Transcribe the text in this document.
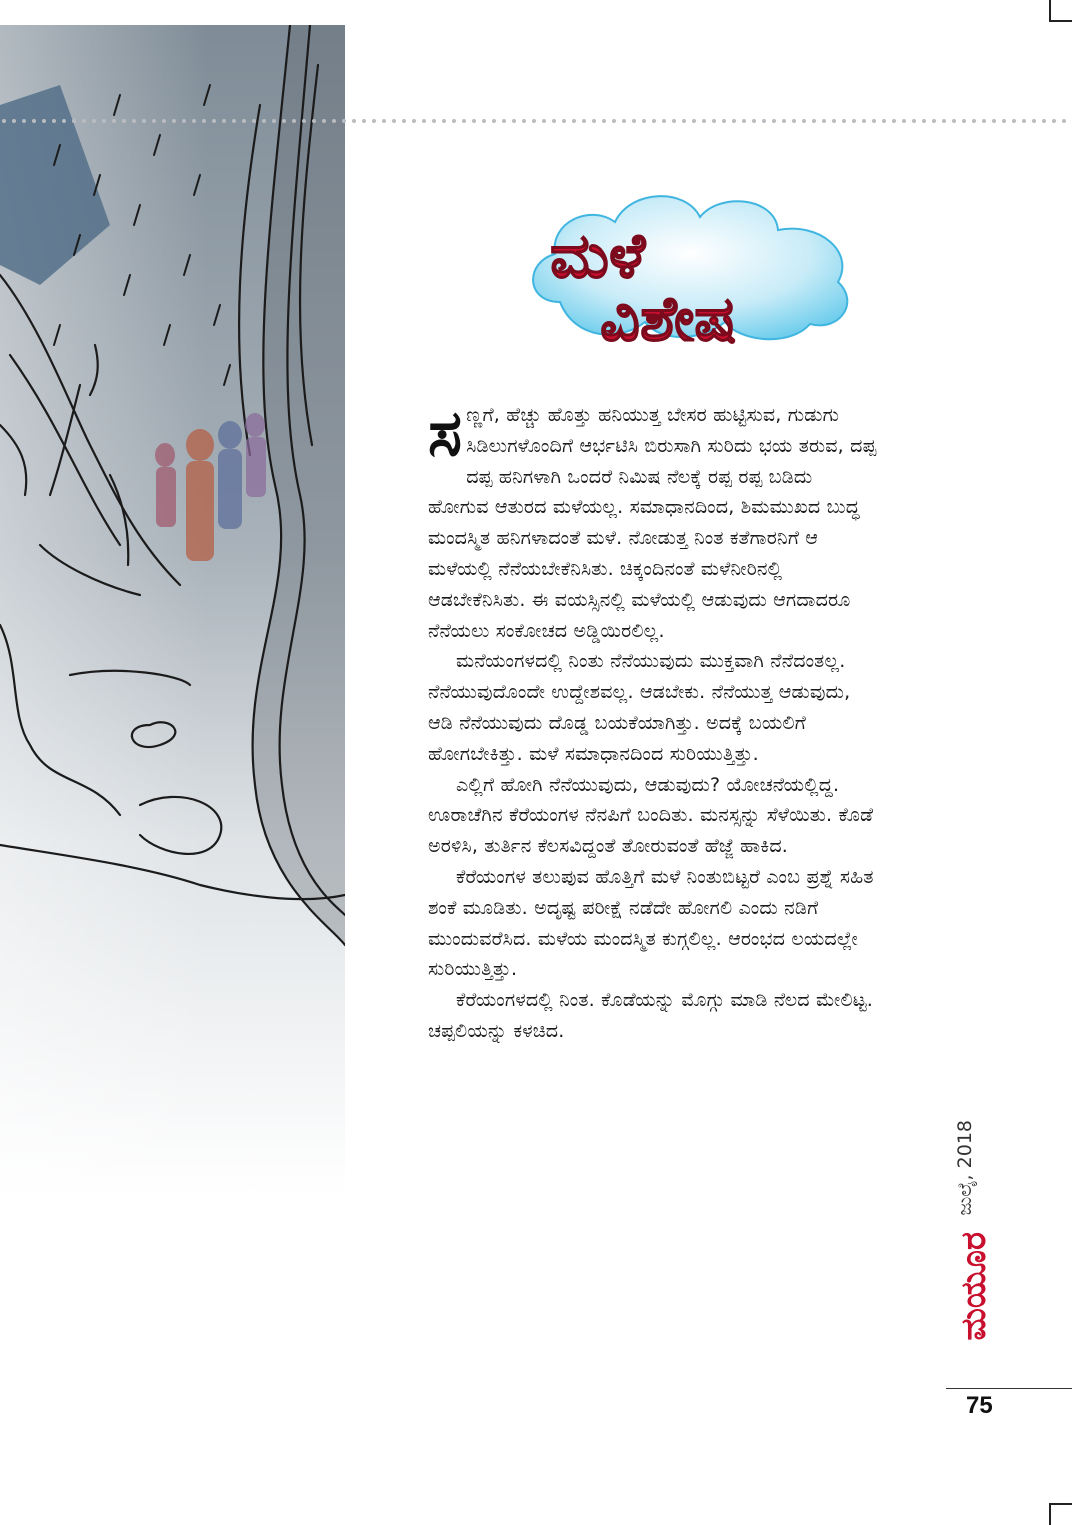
ಮಳೆ
ವಿಶೇಷ

ಸಣ್ಣಗೆ, ಹೆಚ್ಚು ಹೊತ್ತು ಹನಿಯುತ್ತ ಬೇಸರ ಹುಟ್ಟಿಸುವ, ಗುಡುಗು ಸಿಡಿಲುಗಳೊಂದಿಗೆ ಆರ್ಭಟಿಸಿ ಬಿರುಸಾಗಿ ಸುರಿದು ಭಯ ತರುವ, ದಪ್ಪ ದಪ್ಪ ಹನಿಗಳಾಗಿ ಒಂದರೆ ನಿಮಿಷ ನೆಲಕ್ಕೆ ರಪ್ಪ ರಪ್ಪ ಬಡಿದು ಹೋಗುವ ಆತುರದ ಮಳೆಯಲ್ಲ. ಸಮಾಧಾನದಿಂದ, ಶಿಮಮುಖದ ಬುದ್ಧ ಮಂದಸ್ಮಿತ ಹನಿಗಳಾದಂತೆ ಮಳೆ. ನೋಡುತ್ತ ನಿಂತ ಕತೆಗಾರನಿಗೆ ಆ ಮಳೆಯಲ್ಲಿ ನೆನೆಯಬೇಕೆನಿಸಿತು. ಚಿಕ್ಕಂದಿನಂತೆ ಮಳೆನೀರಿನಲ್ಲಿ ಆಡಬೇಕೆನಿಸಿತು. ಈ ವಯಸ್ಸಿನಲ್ಲಿ ಮಳೆಯಲ್ಲಿ ಆಡುವುದು ಆಗದಾದರೂ ನೆನೆಯಲು ಸಂಕೋಚದ ಅಡ್ಡಿಯಿರಲಿಲ್ಲ.

ಮನೆಯಂಗಳದಲ್ಲಿ ನಿಂತು ನೆನೆಯುವುದು ಮುಕ್ತವಾಗಿ ನೆನೆದಂತಲ್ಲ. ನೆನೆಯುವುದೊಂದೇ ಉದ್ದೇಶವಲ್ಲ. ಆಡಬೇಕು. ನೆನೆಯುತ್ತ ಆಡುವುದು, ಆಡಿ ನೆನೆಯುವುದು ದೊಡ್ಡ ಬಯಕೆಯಾಗಿತ್ತು. ಅದಕ್ಕೆ ಬಯಲಿಗೆ ಹೋಗಬೇಕಿತ್ತು. ಮಳೆ ಸಮಾಧಾನದಿಂದ ಸುರಿಯುತ್ತಿತ್ತು.

ಎಲ್ಲಿಗೆ ಹೋಗಿ ನೆನೆಯುವುದು, ಆಡುವುದು? ಯೋಚನೆಯಲ್ಲಿದ್ದ. ಊರಾಚೆಗಿನ ಕೆರೆಯಂಗಳ ನೆನಪಿಗೆ ಬಂದಿತು. ಮನಸ್ಸನ್ನು ಸೆಳೆಯಿತು. ಕೊಡೆ ಅರಳಿಸಿ, ತುರ್ತಿನ ಕೆಲಸವಿದ್ದಂತೆ ತೋರುವಂತೆ ಹೆಜ್ಜೆ ಹಾಕಿದ.

ಕೆರೆಯಂಗಳ ತಲುಪುವ ಹೊತ್ತಿಗೆ ಮಳೆ ನಿಂತುಬಿಟ್ಟರೆ ಎಂಬ ಪ್ರಶ್ನೆ ಸಹಿತ ಶಂಕೆ ಮೂಡಿತು. ಅದೃಷ್ಟ ಪರೀಕ್ಷೆ ನಡೆದೇ ಹೋಗಲಿ ಎಂದು ನಡಿಗೆ ಮುಂದುವರೆಸಿದ. ಮಳೆಯ ಮಂದಸ್ಮಿತ ಕುಗ್ಗಲಿಲ್ಲ. ಆರಂಭದ ಲಯದಲ್ಲೇ ಸುರಿಯುತ್ತಿತ್ತು.

ಕೆರೆಯಂಗಳದಲ್ಲಿ ನಿಂತ. ಕೊಡೆಯನ್ನು ಮೊಗ್ಗು ಮಾಡಿ ನೆಲದ ಮೇಲಿಟ್ಟ. ಚಪ್ಪಲಿಯನ್ನು ಕಳಚಿದ.

ಜುಲೈ, 2018
ಮಯೂರ
75
